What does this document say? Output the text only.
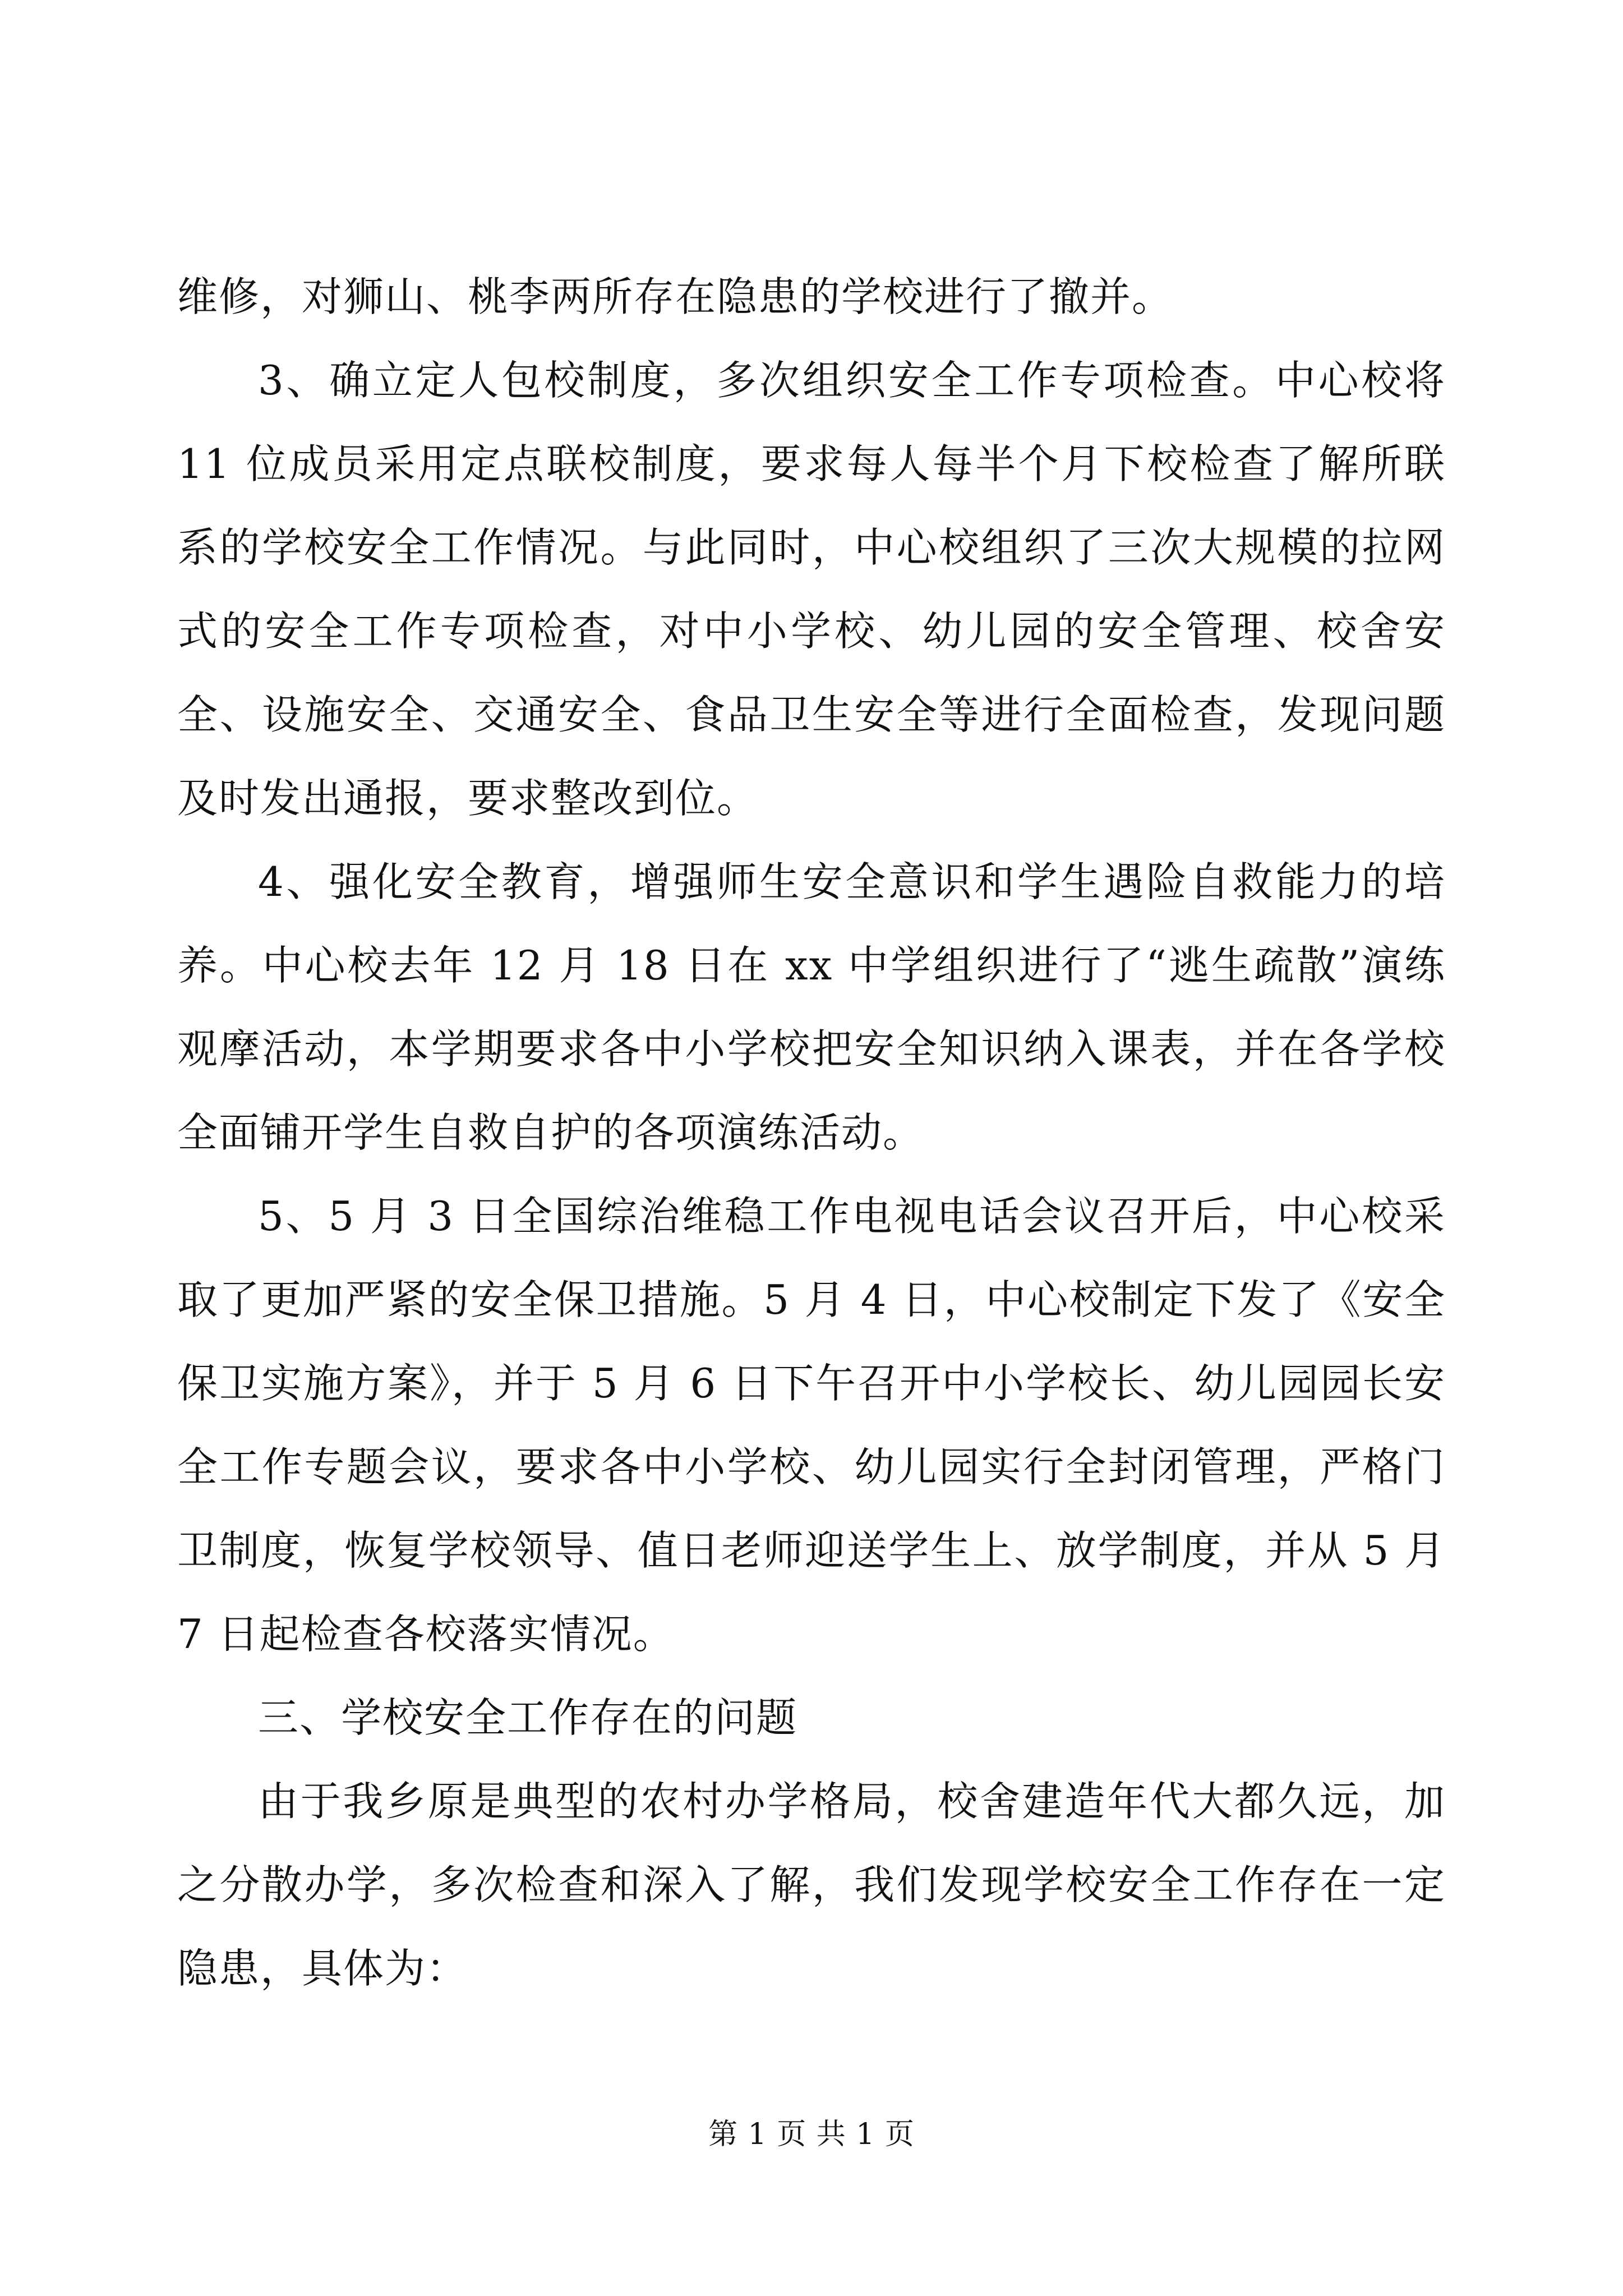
维修，对狮山、桃李两所存在隐患的学校进行了撤并。

3、确立定人包校制度，多次组织安全工作专项检查。中心校将 11 位成员采用定点联校制度，要求每人每半个月下校检查了解所联系的学校安全工作情况。与此同时，中心校组织了三次大规模的拉网式的安全工作专项检查，对中小学校、幼儿园的安全管理、校舍安全、设施安全、交通安全、食品卫生安全等进行全面检查，发现问题及时发出通报，要求整改到位。

4、强化安全教育，增强师生安全意识和学生遇险自救能力的培养。中心校去年 12 月 18 日在 xx 中学组织进行了“逃生疏散”演练观摩活动，本学期要求各中小学校把安全知识纳入课表，并在各学校全面铺开学生自救自护的各项演练活动。

5、5 月 3 日全国综治维稳工作电视电话会议召开后，中心校采取了更加严紧的安全保卫措施。5 月 4 日，中心校制定下发了《安全保卫实施方案》，并于 5 月 6 日下午召开中小学校长、幼儿园园长安全工作专题会议，要求各中小学校、幼儿园实行全封闭管理，严格门卫制度，恢复学校领导、值日老师迎送学生上、放学制度，并从 5 月 7 日起检查各校落实情况。

三、学校安全工作存在的问题

由于我乡原是典型的农村办学格局，校舍建造年代大都久远，加之分散办学，多次检查和深入了解，我们发现学校安全工作存在一定隐患，具体为：

第 1 页 共 1 页
